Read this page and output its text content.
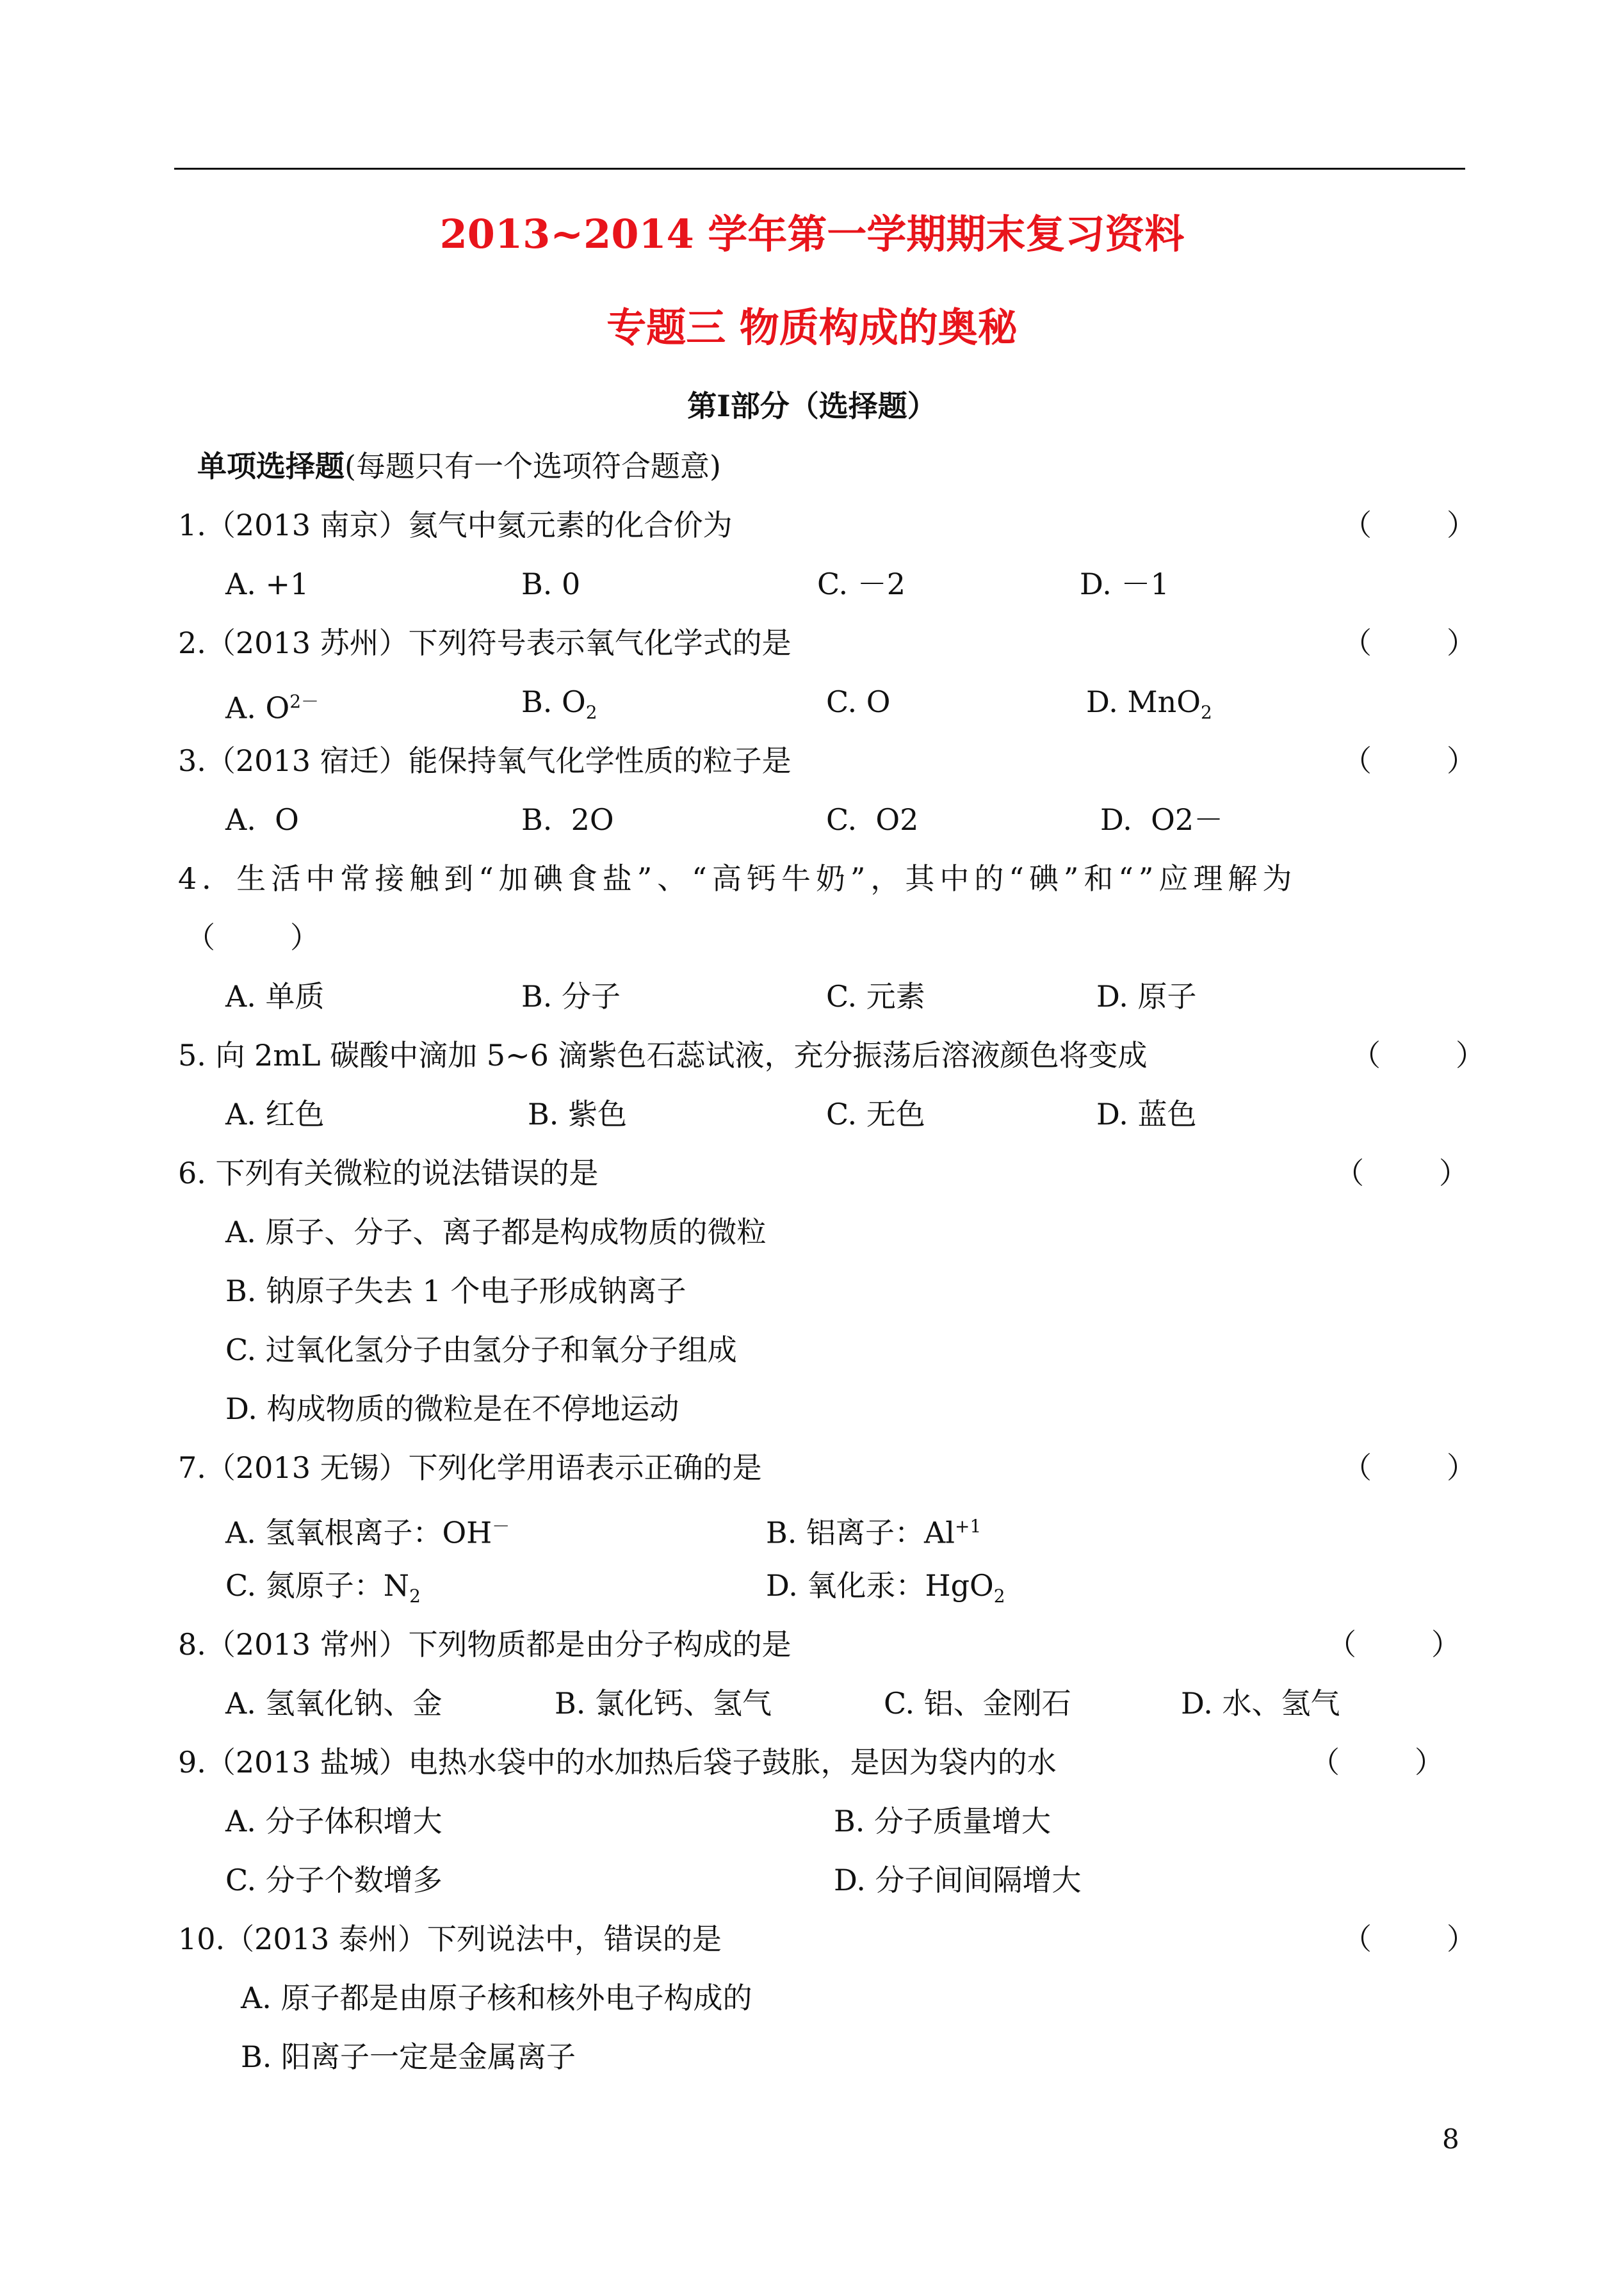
2013~2014 学年第一学期期末复习资料
专题三 物质构成的奥秘
第Ⅰ部分（选择题）
单项选择题(每题只有一个选项符合题意)
1.（2013 南京）氦气中氦元素的化合价为	（        ）
A. +1	B. 0	C. －2	D. －1
2.（2013 苏州）下列符号表示氧气化学式的是	（        ）
A. $O^{2-}$	B. $O_2$	C. O	D. MnO$_2$
3.（2013 宿迁）能保持氧气化学性质的粒子是	（        ）
A.  O	B.  2O	C.  O2	D.  O2－
4．生活中常接触到“加碘食盐”、“高钙牛奶”，其中的“碘”和“”应理解为
（        ）
A. 单质	B. 分子	C. 元素	D. 原子
5. 向 2mL 碳酸中滴加 5~6 滴紫色石蕊试液，充分振荡后溶液颜色将变成	（        ）
A. 红色	B. 紫色	C. 无色	D. 蓝色
6. 下列有关微粒的说法错误的是	（        ）
A. 原子、分子、离子都是构成物质的微粒
B. 钠原子失去 1 个电子形成钠离子
C. 过氧化氢分子由氢分子和氧分子组成
D. 构成物质的微粒是在不停地运动
7.（2013 无锡）下列化学用语表示正确的是	（        ）
A. 氢氧根离子：OH－	B. 铝离子：$Al^{+1}$
C. 氮原子：$N_2$	D. 氧化汞：HgO$_2$
8.（2013 常州）下列物质都是由分子构成的是	（        ）
A. 氢氧化钠、金	B. 氯化钙、氢气	C. 铝、金刚石	D. 水、氢气
9.（2013 盐城）电热水袋中的水加热后袋子鼓胀，是因为袋内的水	（        ）
A. 分子体积增大	B. 分子质量增大
C. 分子个数增多	D. 分子间间隔增大
10.（2013 泰州）下列说法中，错误的是	（        ）
A. 原子都是由原子核和核外电子构成的
B. 阳离子一定是金属离子
8
